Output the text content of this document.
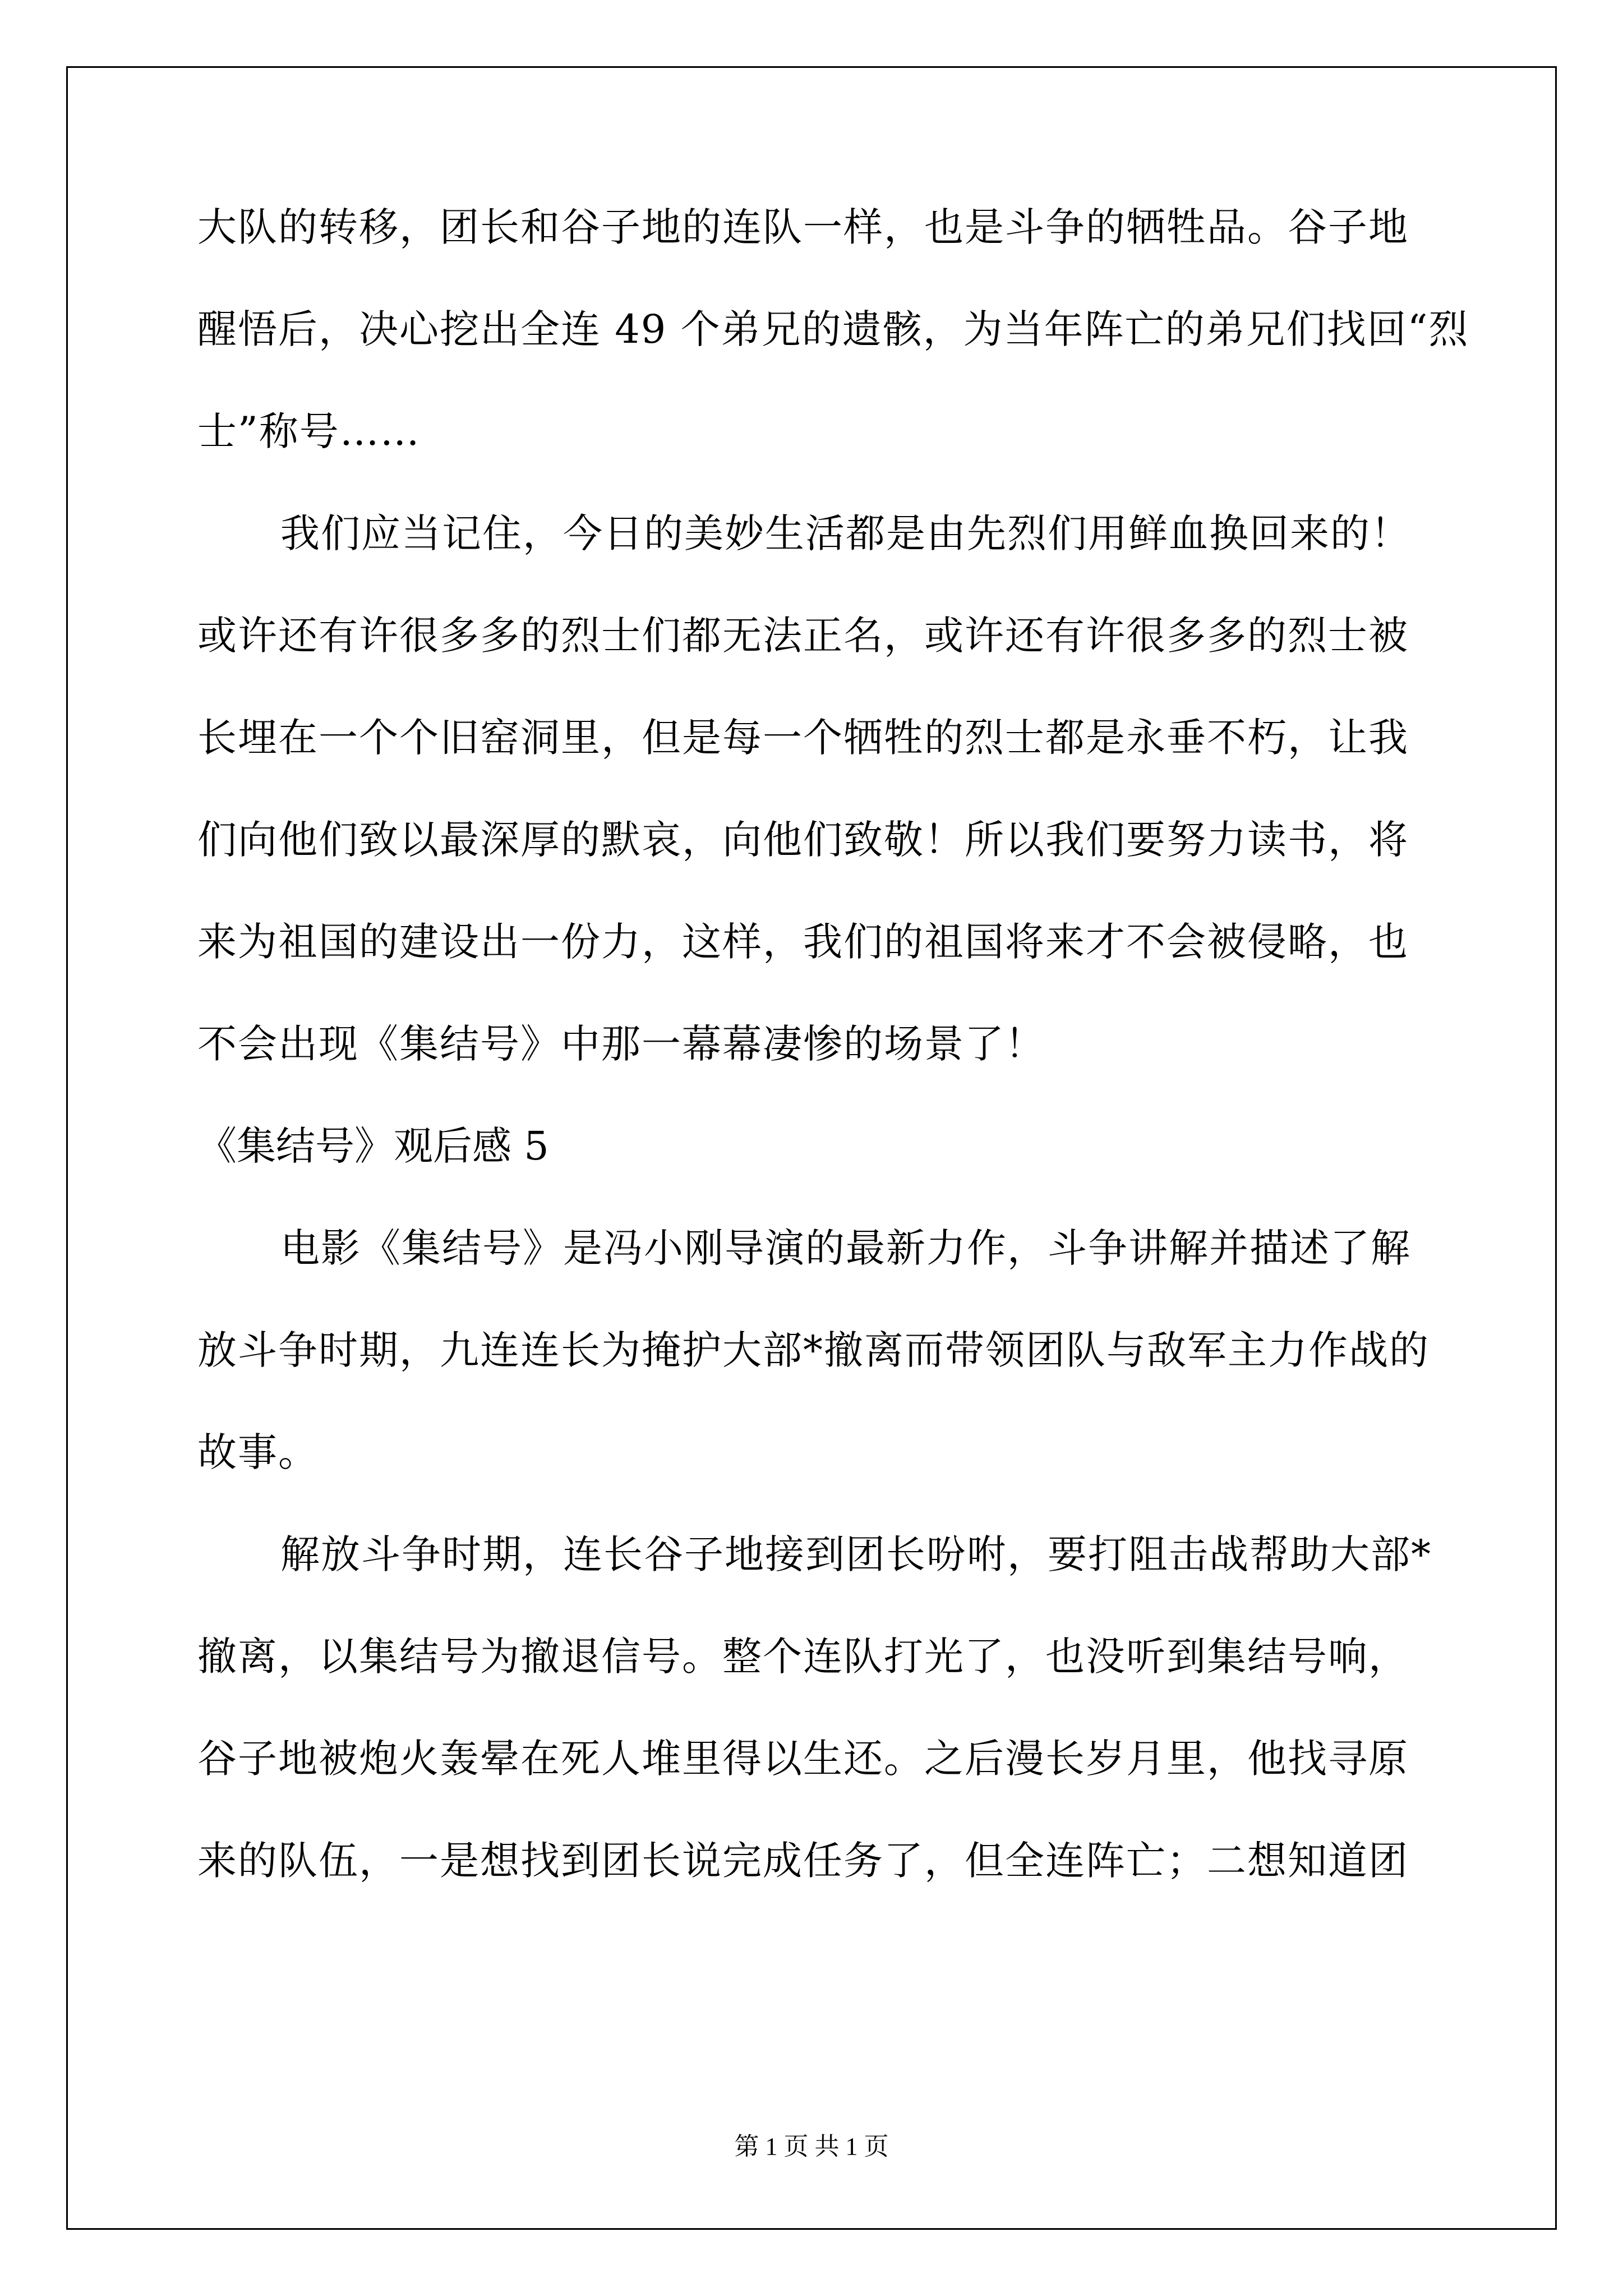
大队的转移，团长和谷子地的连队一样，也是斗争的牺牲品。谷子地
醒悟后，决心挖出全连 49 个弟兄的遗骸，为当年阵亡的弟兄们找回“烈
士”称号……
我们应当记住，今日的美妙生活都是由先烈们用鲜血换回来的！
或许还有许很多多的烈士们都无法正名，或许还有许很多多的烈士被
长埋在一个个旧窑洞里，但是每一个牺牲的烈士都是永垂不朽，让我
们向他们致以最深厚的默哀，向他们致敬！所以我们要努力读书，将
来为祖国的建设出一份力，这样，我们的祖国将来才不会被侵略，也
不会出现《集结号》中那一幕幕凄惨的场景了！
《集结号》观后感 5
电影《集结号》是冯小刚导演的最新力作，斗争讲解并描述了解
放斗争时期，九连连长为掩护大部*撤离而带领团队与敌军主力作战的
故事。
解放斗争时期，连长谷子地接到团长吩咐，要打阻击战帮助大部*
撤离，以集结号为撤退信号。整个连队打光了，也没听到集结号响，
谷子地被炮火轰晕在死人堆里得以生还。之后漫长岁月里，他找寻原
来的队伍，一是想找到团长说完成任务了，但全连阵亡；二想知道团
第 1 页 共 1 页
